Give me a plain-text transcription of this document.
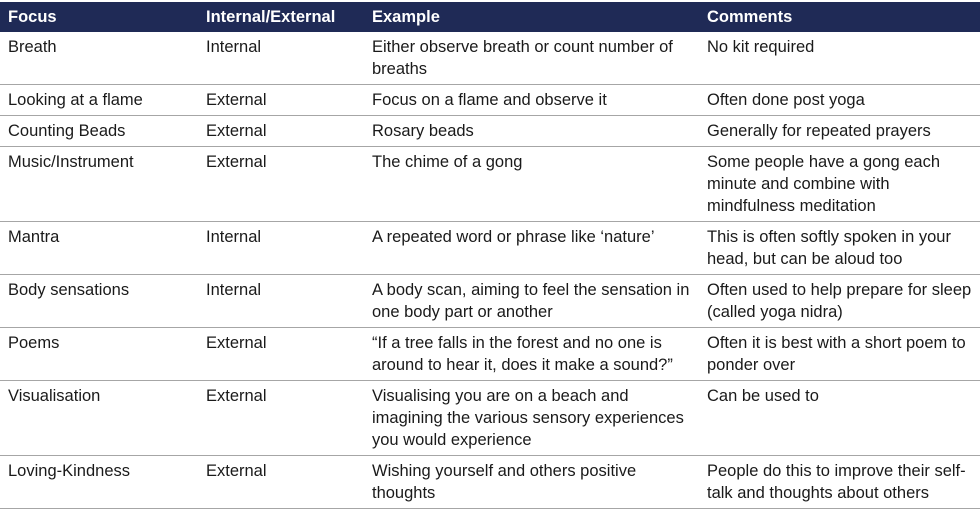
Focus	Internal/External	Example	Comments
Breath	Internal	Either observe breath or count number of breaths	No kit required
Looking at a flame	External	Focus on a flame and observe it	Often done post yoga
Counting Beads	External	Rosary beads	Generally for repeated prayers
Music/Instrument	External	The chime of a gong	Some people have a gong each minute and combine with mindfulness meditation
Mantra	Internal	A repeated word or phrase like ‘nature’	This is often softly spoken in your head, but can be aloud too
Body sensations	Internal	A body scan, aiming to feel the sensation in one body part or another	Often used to help prepare for sleep (called yoga nidra)
Poems	External	“If a tree falls in the forest and no one is around to hear it, does it make a sound?”	Often it is best with a short poem to ponder over
Visualisation	External	Visualising you are on a beach and imagining the various sensory experiences you would experience	Can be used to
Loving-Kindness	External	Wishing yourself and others positive thoughts	People do this to improve their self-talk and thoughts about others
